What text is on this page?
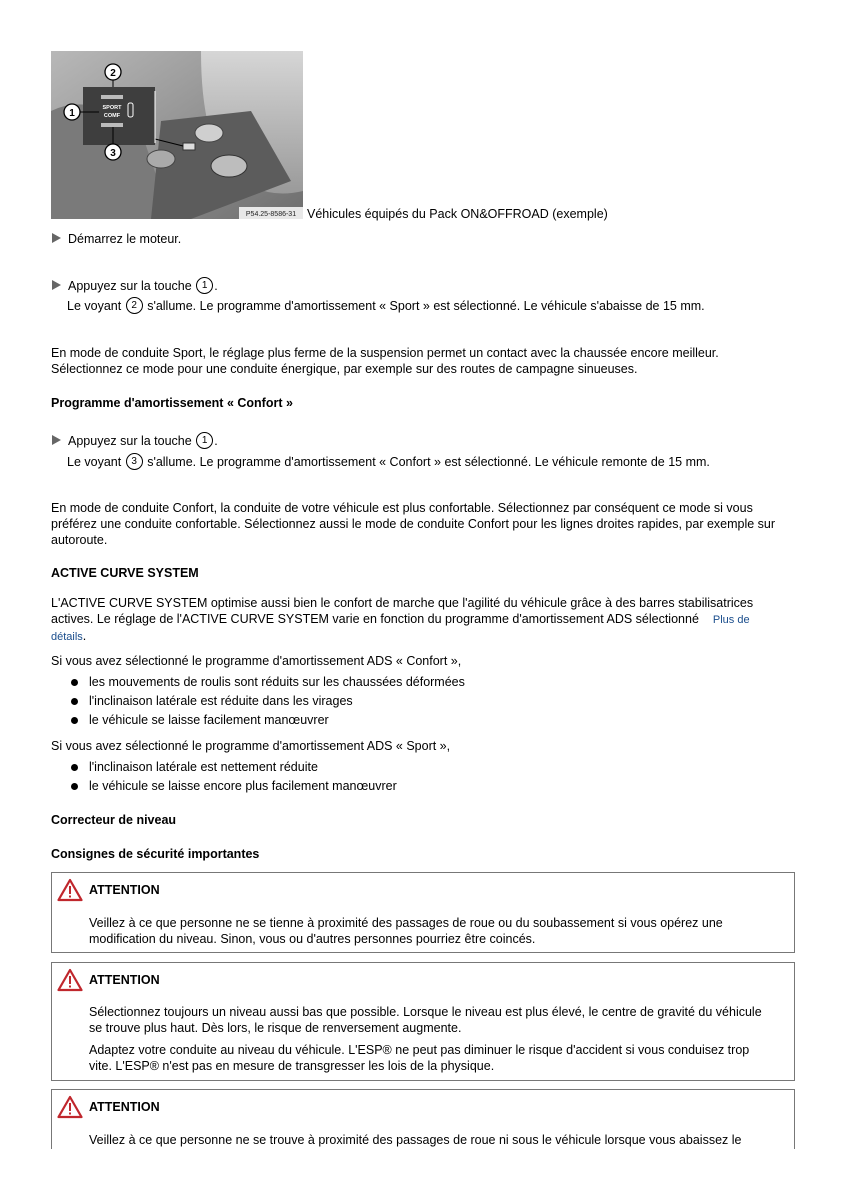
SPORT
COMF
2
1
3
P54.25-8586-31 Véhicules équipés du Pack ON&OFFROAD (exemple)
Démarrez le moteur.
Appuyez sur la touche 1 .
Le voyant 2 s'allume. Le programme d'amortissement « Sport » est sélectionné. Le véhicule s'abaisse de 15 mm.
En mode de conduite Sport, le réglage plus ferme de la suspension permet un contact avec la chaussée encore meilleur.
Sélectionnez ce mode pour une conduite énergique, par exemple sur des routes de campagne sinueuses.
Programme d'amortissement « Confort »
Appuyez sur la touche 1 .
Le voyant 3 s'allume. Le programme d'amortissement « Confort » est sélectionné. Le véhicule remonte de 15 mm.
En mode de conduite Confort, la conduite de votre véhicule est plus confortable. Sélectionnez par conséquent ce mode si vous
préférez une conduite confortable. Sélectionnez aussi le mode de conduite Confort pour les lignes droites rapides, par exemple sur
autoroute.
ACTIVE CURVE SYSTEM
L'ACTIVE CURVE SYSTEM optimise aussi bien le confort de marche que l'agilité du véhicule grâce à des barres stabilisatrices
actives. Le réglage de l'ACTIVE CURVE SYSTEM varie en fonction du programme d'amortissement ADS sélectionné Plus de
détails.
Si vous avez sélectionné le programme d'amortissement ADS « Confort »,
les mouvements de roulis sont réduits sur les chaussées déformées
l'inclinaison latérale est réduite dans les virages
le véhicule se laisse facilement manœuvrer
Si vous avez sélectionné le programme d'amortissement ADS « Sport »,
l'inclinaison latérale est nettement réduite
le véhicule se laisse encore plus facilement manœuvrer
Correcteur de niveau
Consignes de sécurité importantes
ATTENTION
Veillez à ce que personne ne se tienne à proximité des passages de roue ou du soubassement si vous opérez une
modification du niveau. Sinon, vous ou d'autres personnes pourriez être coincés.
ATTENTION
Sélectionnez toujours un niveau aussi bas que possible. Lorsque le niveau est plus élevé, le centre de gravité du véhicule
se trouve plus haut. Dès lors, le risque de renversement augmente.
Adaptez votre conduite au niveau du véhicule. L'ESP® ne peut pas diminuer le risque d'accident si vous conduisez trop
vite. L'ESP® n'est pas en mesure de transgresser les lois de la physique.
ATTENTION
Veillez à ce que personne ne se trouve à proximité des passages de roue ni sous le véhicule lorsque vous abaissez le
